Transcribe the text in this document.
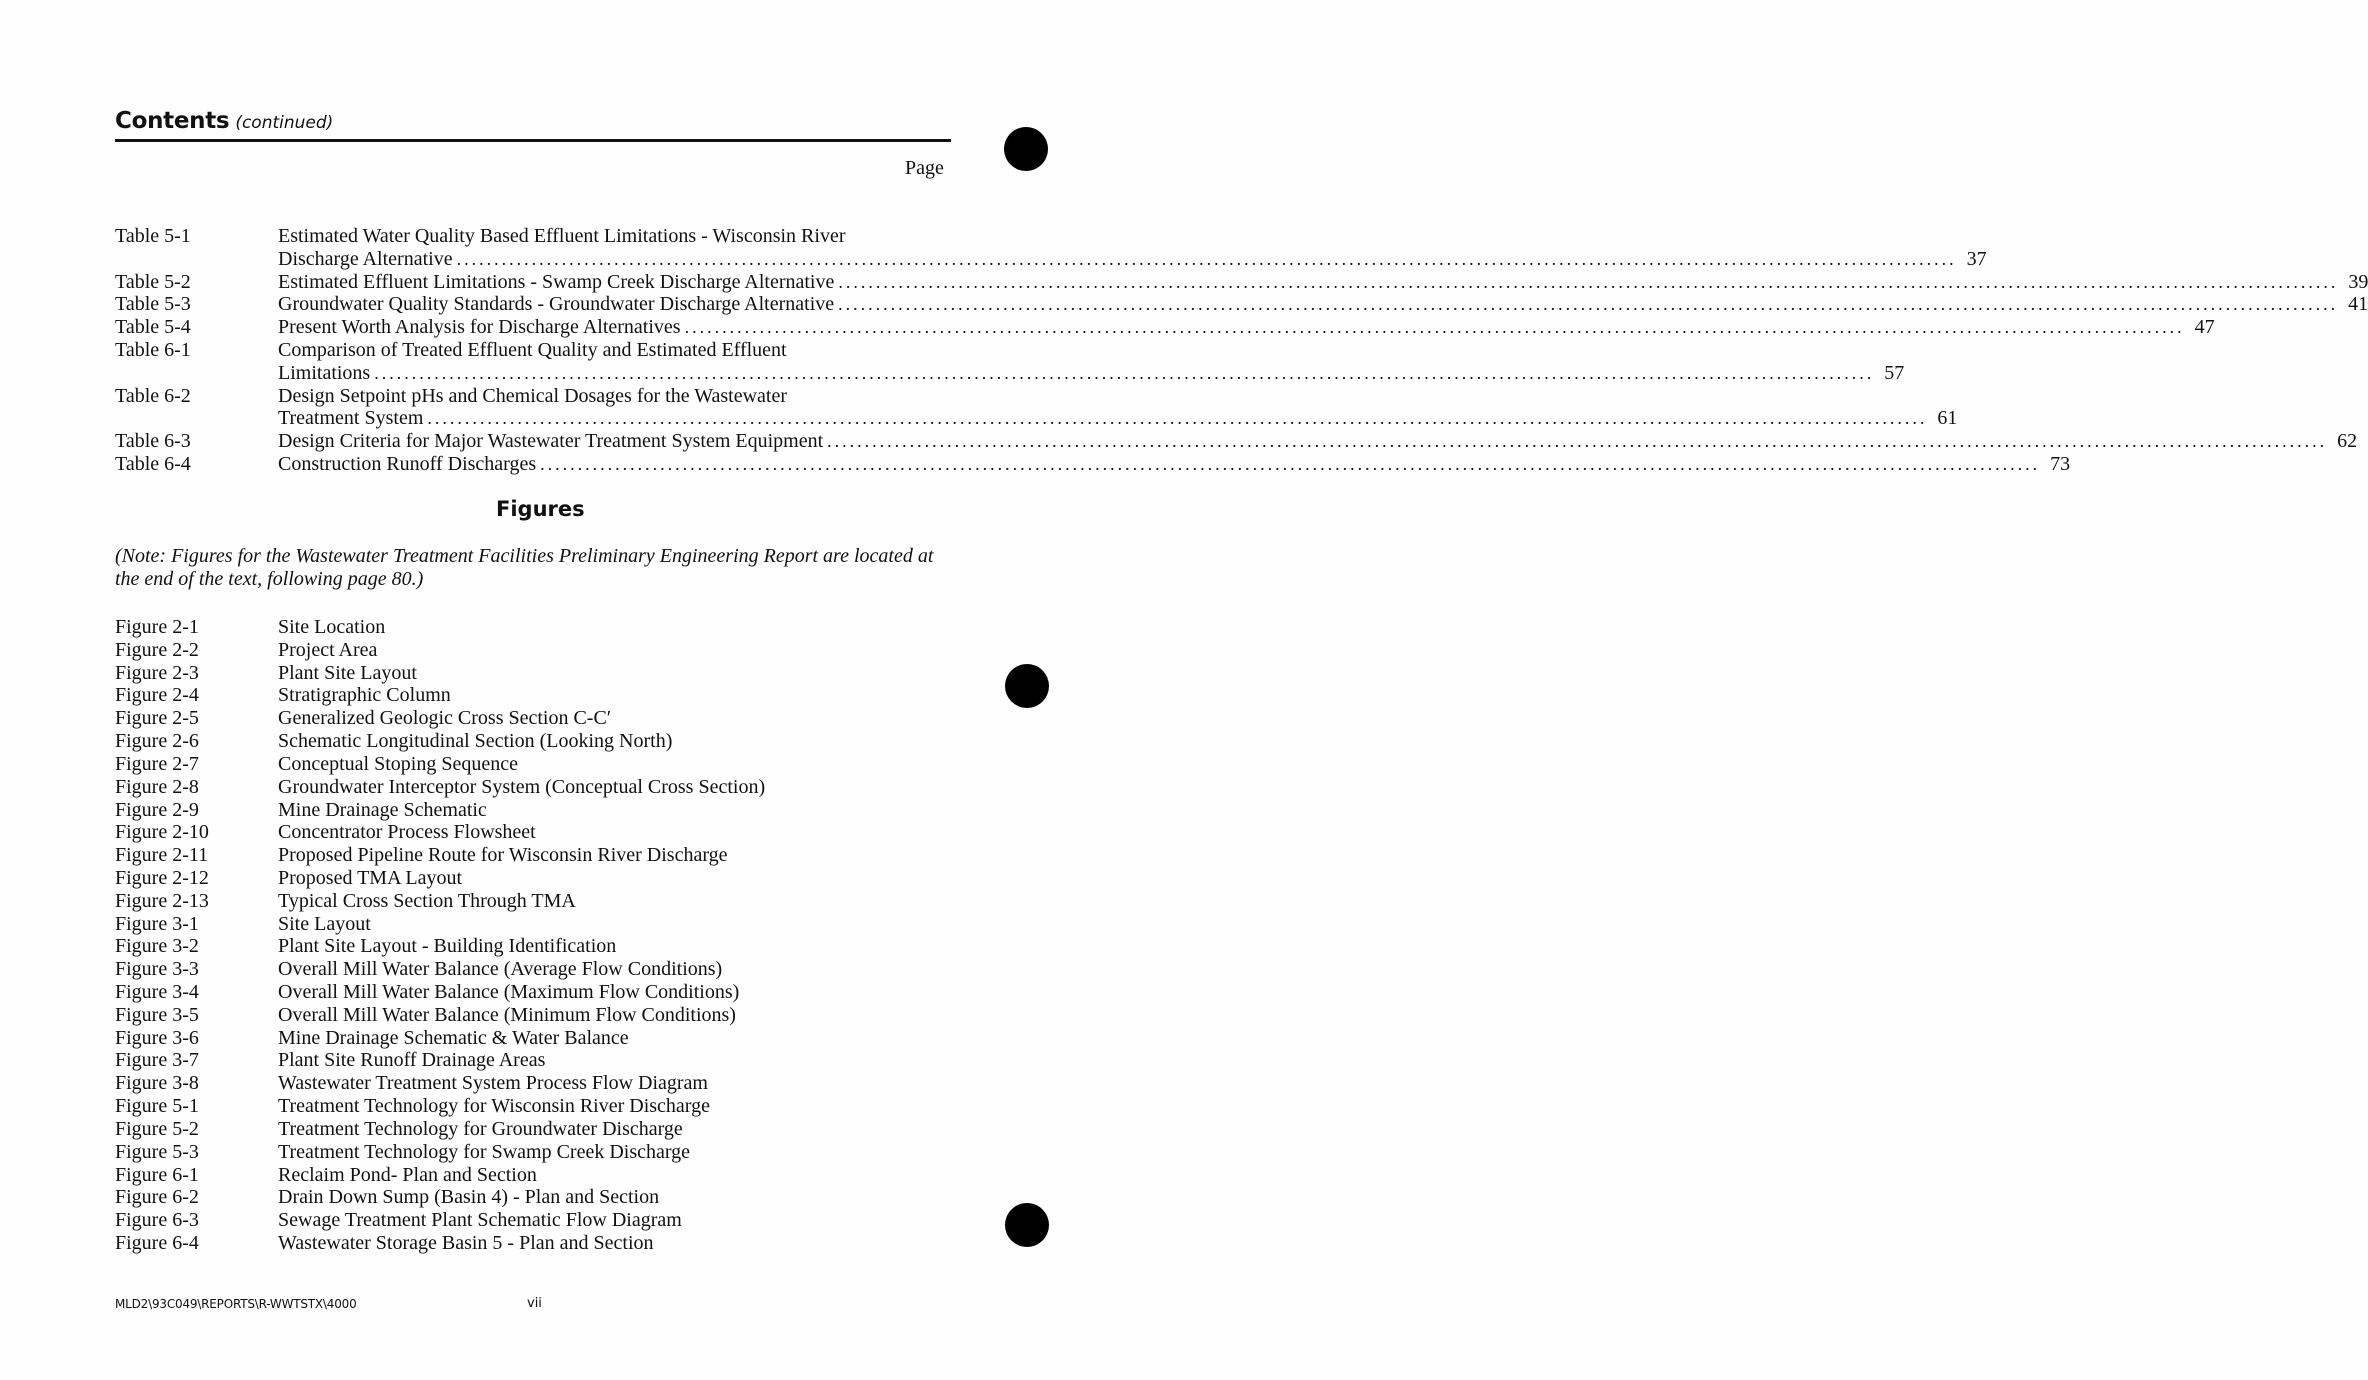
Contents (continued)
Page
Table 5-1	Estimated Water Quality Based Effluent Limitations - Wisconsin River
Discharge Alternative ........................................................................................................................................................................................................ 37
Table 5-2	Estimated Effluent Limitations - Swamp Creek Discharge Alternative ........................................................................................................................................................................................................ 39
Table 5-3	Groundwater Quality Standards - Groundwater Discharge Alternative ........................................................................................................................................................................................................ 41
Table 5-4	Present Worth Analysis for Discharge Alternatives ........................................................................................................................................................................................................ 47
Table 6-1	Comparison of Treated Effluent Quality and Estimated Effluent
Limitations ........................................................................................................................................................................................................ 57
Table 6-2	Design Setpoint pHs and Chemical Dosages for the Wastewater
Treatment System ........................................................................................................................................................................................................ 61
Table 6-3	Design Criteria for Major Wastewater Treatment System Equipment ........................................................................................................................................................................................................ 62
Table 6-4	Construction Runoff Discharges ........................................................................................................................................................................................................ 73
Figures
(Note: Figures for the Wastewater Treatment Facilities Preliminary Engineering Report are located at the end of the text, following page 80.)
Figure 2-1	Site Location
Figure 2-2	Project Area
Figure 2-3	Plant Site Layout
Figure 2-4	Stratigraphic Column
Figure 2-5	Generalized Geologic Cross Section C-C′
Figure 2-6	Schematic Longitudinal Section (Looking North)
Figure 2-7	Conceptual Stoping Sequence
Figure 2-8	Groundwater Interceptor System (Conceptual Cross Section)
Figure 2-9	Mine Drainage Schematic
Figure 2-10	Concentrator Process Flowsheet
Figure 2-11	Proposed Pipeline Route for Wisconsin River Discharge
Figure 2-12	Proposed TMA Layout
Figure 2-13	Typical Cross Section Through TMA
Figure 3-1	Site Layout
Figure 3-2	Plant Site Layout - Building Identification
Figure 3-3	Overall Mill Water Balance (Average Flow Conditions)
Figure 3-4	Overall Mill Water Balance (Maximum Flow Conditions)
Figure 3-5	Overall Mill Water Balance (Minimum Flow Conditions)
Figure 3-6	Mine Drainage Schematic & Water Balance
Figure 3-7	Plant Site Runoff Drainage Areas
Figure 3-8	Wastewater Treatment System Process Flow Diagram
Figure 5-1	Treatment Technology for Wisconsin River Discharge
Figure 5-2	Treatment Technology for Groundwater Discharge
Figure 5-3	Treatment Technology for Swamp Creek Discharge
Figure 6-1	Reclaim Pond- Plan and Section
Figure 6-2	Drain Down Sump (Basin 4) - Plan and Section
Figure 6-3	Sewage Treatment Plant Schematic Flow Diagram
Figure 6-4	Wastewater Storage Basin 5 - Plan and Section
MLD2\93C049\REPORTS\R-WWTSTX\4000	vii
